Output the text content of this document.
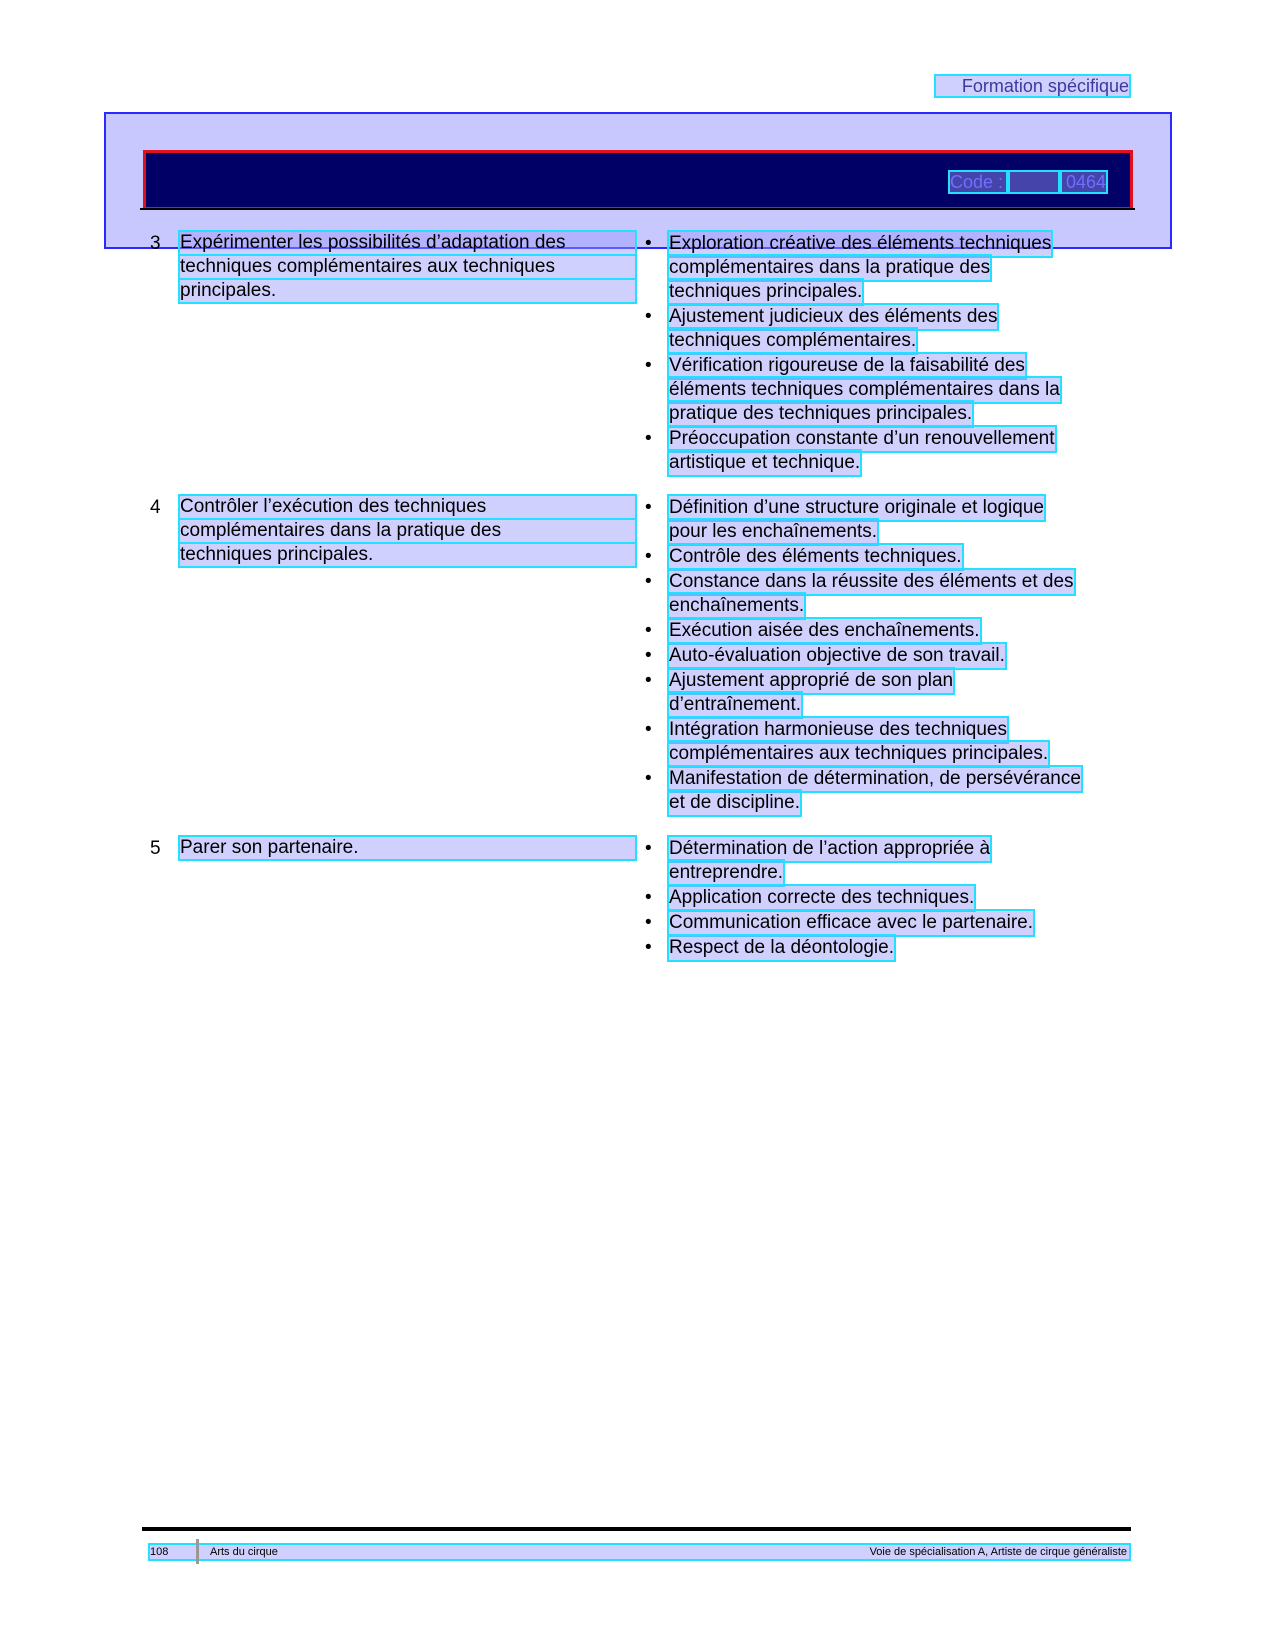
Formation spécifique
Code :	0464
3 Expérimenter les possibilités d’adaptation des
techniques complémentaires aux techniques
principales.
• Exploration créative des éléments techniques
complémentaires dans la pratique des
techniques principales.
• Ajustement judicieux des éléments des
techniques complémentaires.
• Vérification rigoureuse de la faisabilité des
éléments techniques complémentaires dans la
pratique des techniques principales.
• Préoccupation constante d’un renouvellement
artistique et technique.
4 Contrôler l’exécution des techniques
complémentaires dans la pratique des
techniques principales.
• Définition d’une structure originale et logique
pour les enchaînements.
• Contrôle des éléments techniques.
• Constance dans la réussite des éléments et des
enchaînements.
• Exécution aisée des enchaînements.
• Auto-évaluation objective de son travail.
• Ajustement approprié de son plan
d’entraînement.
• Intégration harmonieuse des techniques
complémentaires aux techniques principales.
• Manifestation de détermination, de persévérance
et de discipline.
5 Parer son partenaire.	• Détermination de l’action appropriée à
entreprendre.
• Application correcte des techniques.
• Communication efficace avec le partenaire.
• Respect de la déontologie.
108	Arts du cirque	Voie de spécialisation A, Artiste de cirque généraliste
